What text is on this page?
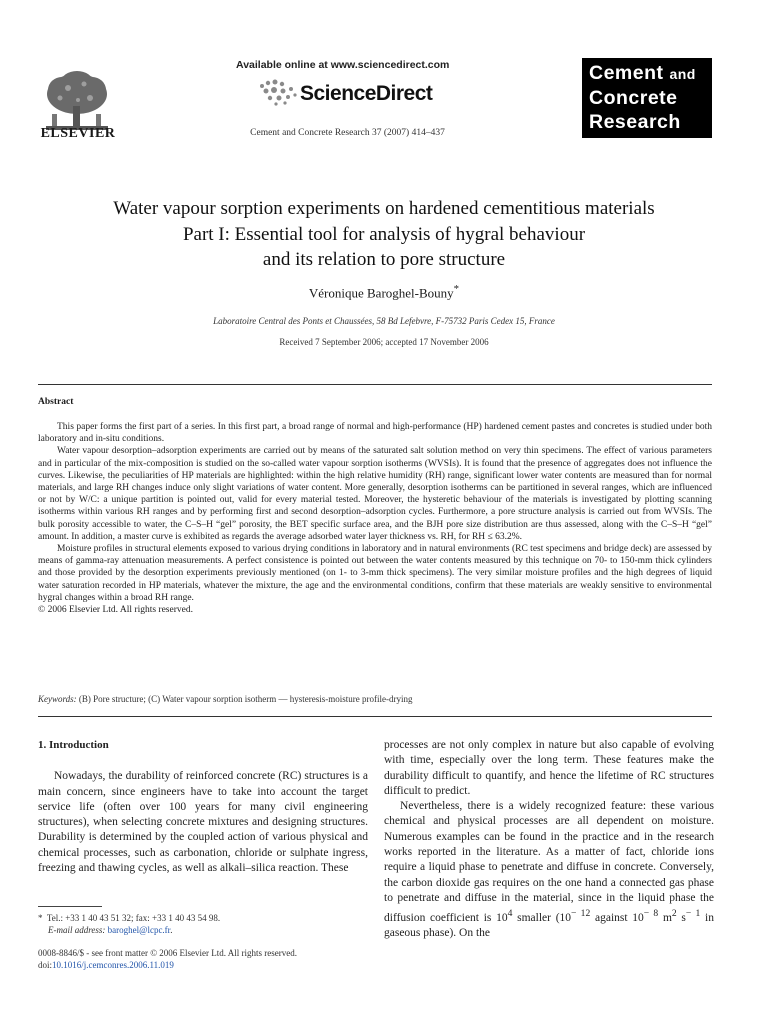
ELSEVIER
Available online at www.sciencedirect.com
ScienceDirect
Cement and Concrete Research 37 (2007) 414–437
Cement and
Concrete
Research
Water vapour sorption experiments on hardened cementitious materials
Part I: Essential tool for analysis of hygral behaviour
and its relation to pore structure
Véronique Baroghel-Bouny*
Laboratoire Central des Ponts et Chaussées, 58 Bd Lefebvre, F-75732 Paris Cedex 15, France
Received 7 September 2006; accepted 17 November 2006
Abstract

This paper forms the first part of a series. In this first part, a broad range of normal and high-performance (HP) hardened cement pastes and concretes is studied under both laboratory and in-situ conditions.

Water vapour desorption–adsorption experiments are carried out by means of the saturated salt solution method on very thin specimens. The effect of various parameters and in particular of the mix-composition is studied on the so-called water vapour sorption isotherms (WVSIs). It is found that the presence of aggregates does not influence the curves. Likewise, the peculiarities of HP materials are highlighted: within the high relative humidity (RH) range, significant lower water contents are measured than for normal materials, and large RH changes induce only slight variations of water content. More generally, desorption isotherms can be partitioned in several ranges, which are influenced or not by W/C: a unique partition is pointed out, valid for every material tested. Moreover, the hysteretic behaviour of the materials is investigated by plotting scanning isotherms within various RH ranges and by performing first and second desorption–adsorption cycles. Furthermore, a pore structure analysis is carried out from WVSIs. The bulk porosity accessible to water, the C–S–H “gel” porosity, the BET specific surface area, and the BJH pore size distribution are thus assessed, along with the C–S–H “gel” amount. In addition, a master curve is exhibited as regards the average adsorbed water layer thickness vs. RH, for RH ≤ 63.2%.

Moisture profiles in structural elements exposed to various drying conditions in laboratory and in natural environments (RC test specimens and bridge deck) are assessed by means of gamma-ray attenuation measurements. A perfect consistence is pointed out between the water contents measured by this technique on 70- to 150-mm thick cylinders and those provided by the desorption experiments previously mentioned (on 1- to 3-mm thick specimens). The very similar moisture profiles and the high degrees of liquid water saturation recorded in HP materials, whatever the mixture, the age and the environmental conditions, confirm that these materials are weakly sensitive to environmental hygral changes within a broad RH range.

© 2006 Elsevier Ltd. All rights reserved.

Keywords: (B) Pore structure; (C) Water vapour sorption isotherm — hysteresis-moisture profile-drying
1. Introduction

Nowadays, the durability of reinforced concrete (RC) structures is a main concern, since engineers have to take into account the target service life (often over 100 years for many civil engineering structures), when selecting concrete mixtures and designing structures. Durability is determined by the coupled action of various physical and chemical processes, such as carbonation, chloride or sulphate ingress, freezing and thawing cycles, as well as alkali–silica reaction. These

* Tel.: +33 1 40 43 51 32; fax: +33 1 40 43 54 98.
E-mail address: baroghel@lcpc.fr.
0008-8846/$ - see front matter © 2006 Elsevier Ltd. All rights reserved.
doi:10.1016/j.cemconres.2006.11.019

processes are not only complex in nature but also capable of evolving with time, especially over the long term. These features make the durability difficult to quantify, and hence the lifetime of RC structures difficult to predict.

Nevertheless, there is a widely recognized feature: these various chemical and physical processes are all dependent on moisture. Numerous examples can be found in the practice and in the research works reported in the literature. As a matter of fact, chloride ions require a liquid phase to penetrate and diffuse in concrete. Conversely, the carbon dioxide gas requires on the one hand a connected gas phase to penetrate and diffuse in the material, since in the liquid phase the diffusion coefficient is $10^4$ smaller ($10^{- 12}$ against $10^{- 8}$ $m^2$ $s^{- 1}$ in gaseous phase). On the
